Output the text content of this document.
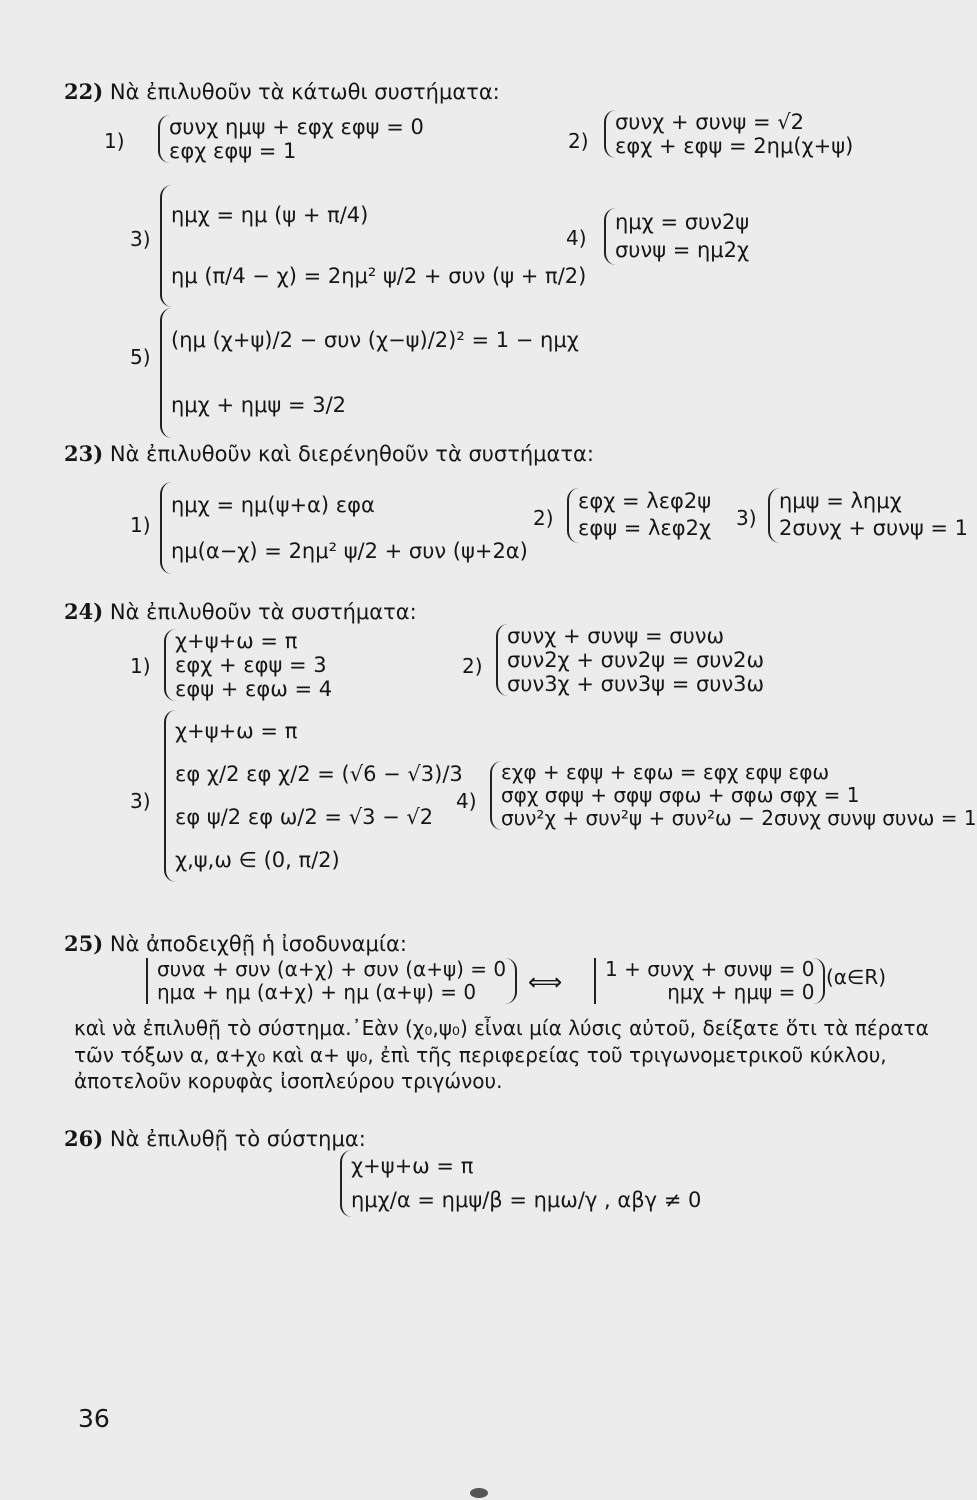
22) Νὰ ἐπιλυθοῦν τὰ κάτωθι συστήματα:
1)
συνχ ημψ + εφχ εφψ = 0
εφχ εφψ = 1	2)
συνχ + συνψ = √2
εφχ + εφψ = 2ημ(χ+ψ)
3)
ημχ = ημ (ψ + π/4)
ημ (π/4 − χ) = 2ημ² ψ/2 + συν (ψ + π/2)
4)
ημχ = συν2ψ
συνψ = ημ2χ
5)
(ημ (χ+ψ)/2 − συν (χ−ψ)/2)² = 1 − ημχ
ημχ + ημψ = 3/2
23) Νὰ ἐπιλυθοῦν καὶ διερένηθοῦν τὰ συστήματα:
1)
ημχ = ημ(ψ+α) εφα
ημ(α−χ) = 2ημ² ψ/2 + συν (ψ+2α)
2)
εφχ = λεφ2ψ
εφψ = λεφ2χ 3)
ημψ = λημχ
2συνχ + συνψ = 1
24) Νὰ ἐπιλυθοῦν τὰ συστήματα:
1)
χ+ψ+ω = π
εφχ + εφψ = 3
εφψ + εφω = 4
2)
συνχ + συνψ = συνω
συν2χ + συν2ψ = συν2ω
συν3χ + συν3ψ = συν3ω
3)
χ+ψ+ω = π
εφ χ/2 εφ χ/2 = (√6 − √3)/3
εφ ψ/2 εφ ω/2 = √3 − √2
χ,ψ,ω ∈ (0, π/2)
4)
εχφ + εφψ + εφω = εφχ εφψ εφω
σφχ σφψ + σφψ σφω + σφω σφχ = 1
συν²χ + συν²ψ + συν²ω − 2συνχ συνψ συνω = 1
25) Νὰ ἀποδειχθῇ ἡ ἰσοδυναμία:
συνα + συν (α+χ) + συν (α+ψ) = 0
ημα + ημ (α+χ) + ημ (α+ψ) = 0	⟺ 1 + συνχ + συνψ = 0
ημχ + ημψ = 0
(α∈R)
καὶ νὰ ἐπιλυθῇ τὸ σύστημα.᾿Εὰν (χ₀,ψ₀) εἶναι μία λύσις αὐτοῦ, δείξατε ὅτι τὰ πέρατα τῶν τόξων α, α+χ₀ καὶ α+ ψ₀, ἐπὶ τῆς περιφερείας τοῦ τριγωνομετρικοῦ κύκλου, ἀποτελοῦν κορυφὰς ἰσοπλεύρου τριγώνου.
26) Νὰ ἐπιλυθῇ τὸ σύστημα:
χ+ψ+ω = π
ημχ/α = ημψ/β = ημω/γ , αβγ ≠ 0
36
